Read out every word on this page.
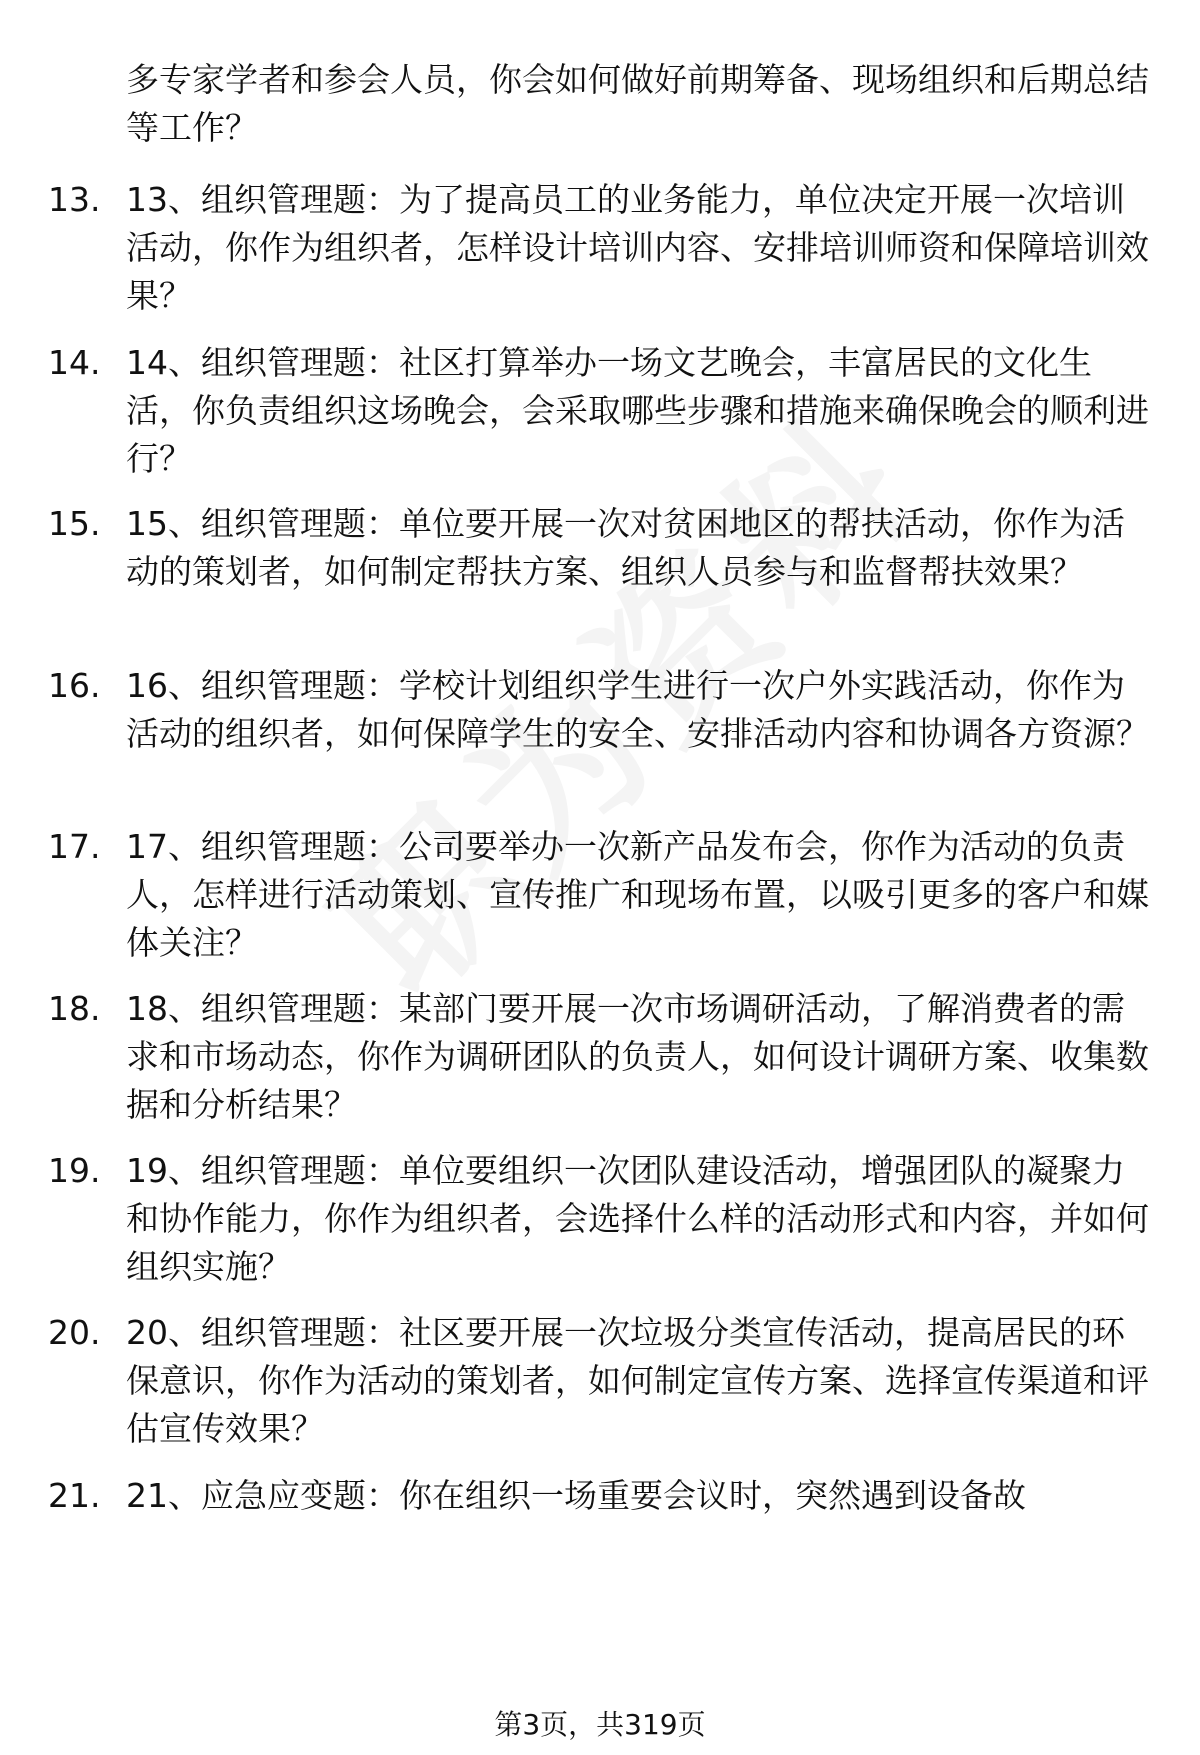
多专家学者和参会人员，你会如何做好前期筹备、现场组织和后期总结等工作？
13. 13、组织管理题：为了提高员工的业务能力，单位决定开展一次培训活动，你作为组织者，怎样设计培训内容、安排培训师资和保障培训效果？
14. 14、组织管理题：社区打算举办一场文艺晚会，丰富居民的文化生活，你负责组织这场晚会，会采取哪些步骤和措施来确保晚会的顺利进行？
15. 15、组织管理题：单位要开展一次对贫困地区的帮扶活动，你作为活动的策划者，如何制定帮扶方案、组织人员参与和监督帮扶效果？
16. 16、组织管理题：学校计划组织学生进行一次户外实践活动，你作为活动的组织者，如何保障学生的安全、安排活动内容和协调各方资源？
17. 17、组织管理题：公司要举办一次新产品发布会，你作为活动的负责人，怎样进行活动策划、宣传推广和现场布置，以吸引更多的客户和媒体关注？
18. 18、组织管理题：某部门要开展一次市场调研活动，了解消费者的需求和市场动态，你作为调研团队的负责人，如何设计调研方案、收集数据和分析结果？
19. 19、组织管理题：单位要组织一次团队建设活动，增强团队的凝聚力和协作能力，你作为组织者，会选择什么样的活动形式和内容，并如何组织实施？
20. 20、组织管理题：社区要开展一次垃圾分类宣传活动，提高居民的环保意识，你作为活动的策划者，如何制定宣传方案、选择宣传渠道和评估宣传效果？
21. 21、应急应变题：你在组织一场重要会议时，突然遇到设备故
第3页，共319页
